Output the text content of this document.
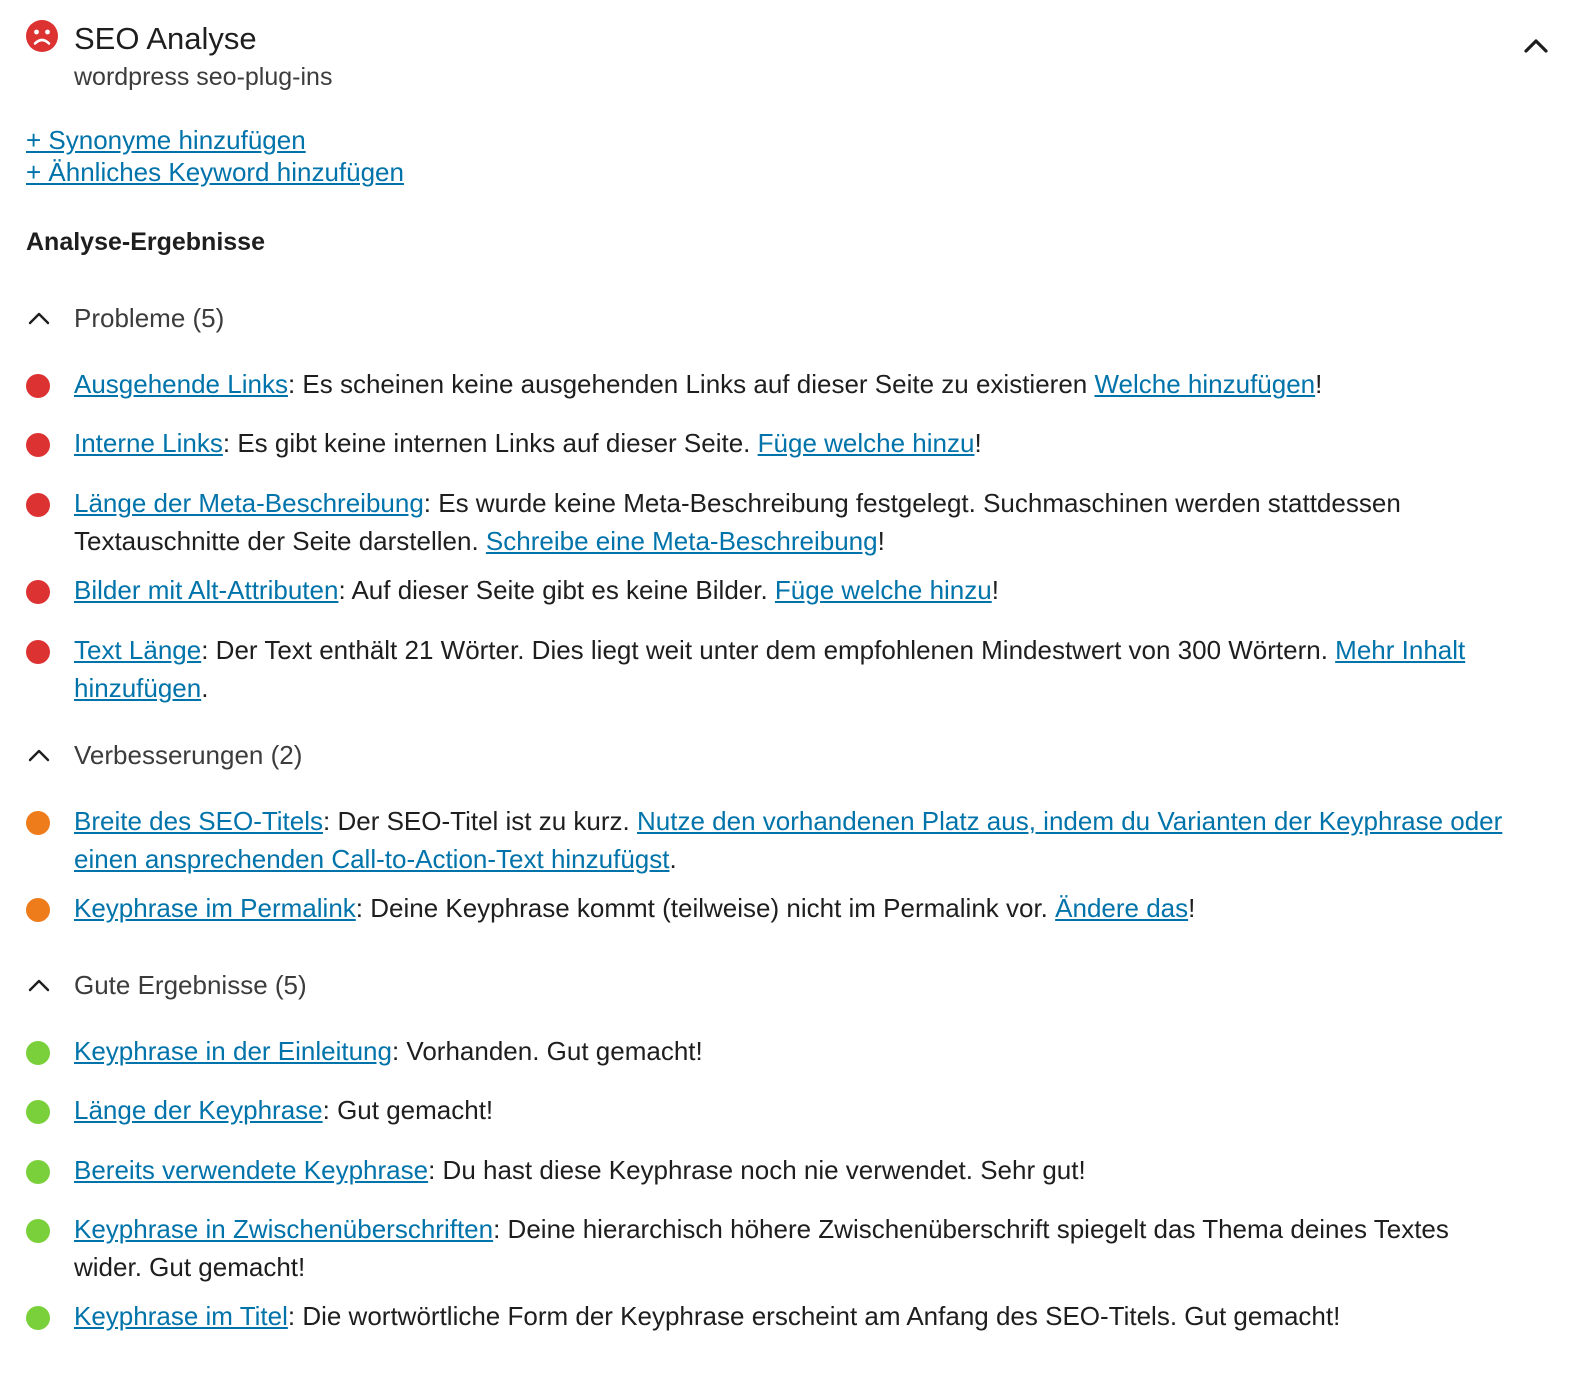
SEO Analyse
wordpress seo-plug-ins
+ Synonyme hinzufügen
+ Ähnliches Keyword hinzufügen
Analyse-Ergebnisse
Probleme (5)
Ausgehende Links: Es scheinen keine ausgehenden Links auf dieser Seite zu existieren Welche hinzufügen!
Interne Links: Es gibt keine internen Links auf dieser Seite. Füge welche hinzu!
Länge der Meta-Beschreibung: Es wurde keine Meta-Beschreibung festgelegt. Suchmaschinen werden stattdessen Textauschnitte der Seite darstellen. Schreibe eine Meta-Beschreibung!
Bilder mit Alt-Attributen: Auf dieser Seite gibt es keine Bilder. Füge welche hinzu!
Text Länge: Der Text enthält 21 Wörter. Dies liegt weit unter dem empfohlenen Mindestwert von 300 Wörtern. Mehr Inhalt hinzufügen.
Verbesserungen (2)
Breite des SEO-Titels: Der SEO-Titel ist zu kurz. Nutze den vorhandenen Platz aus, indem du Varianten der Keyphrase oder einen ansprechenden Call-to-Action-Text hinzufügst.
Keyphrase im Permalink: Deine Keyphrase kommt (teilweise) nicht im Permalink vor. Ändere das!
Gute Ergebnisse (5)
Keyphrase in der Einleitung: Vorhanden. Gut gemacht!
Länge der Keyphrase: Gut gemacht!
Bereits verwendete Keyphrase: Du hast diese Keyphrase noch nie verwendet. Sehr gut!
Keyphrase in Zwischenüberschriften: Deine hierarchisch höhere Zwischenüberschrift spiegelt das Thema deines Textes wider. Gut gemacht!
Keyphrase im Titel: Die wortwörtliche Form der Keyphrase erscheint am Anfang des SEO-Titels. Gut gemacht!
